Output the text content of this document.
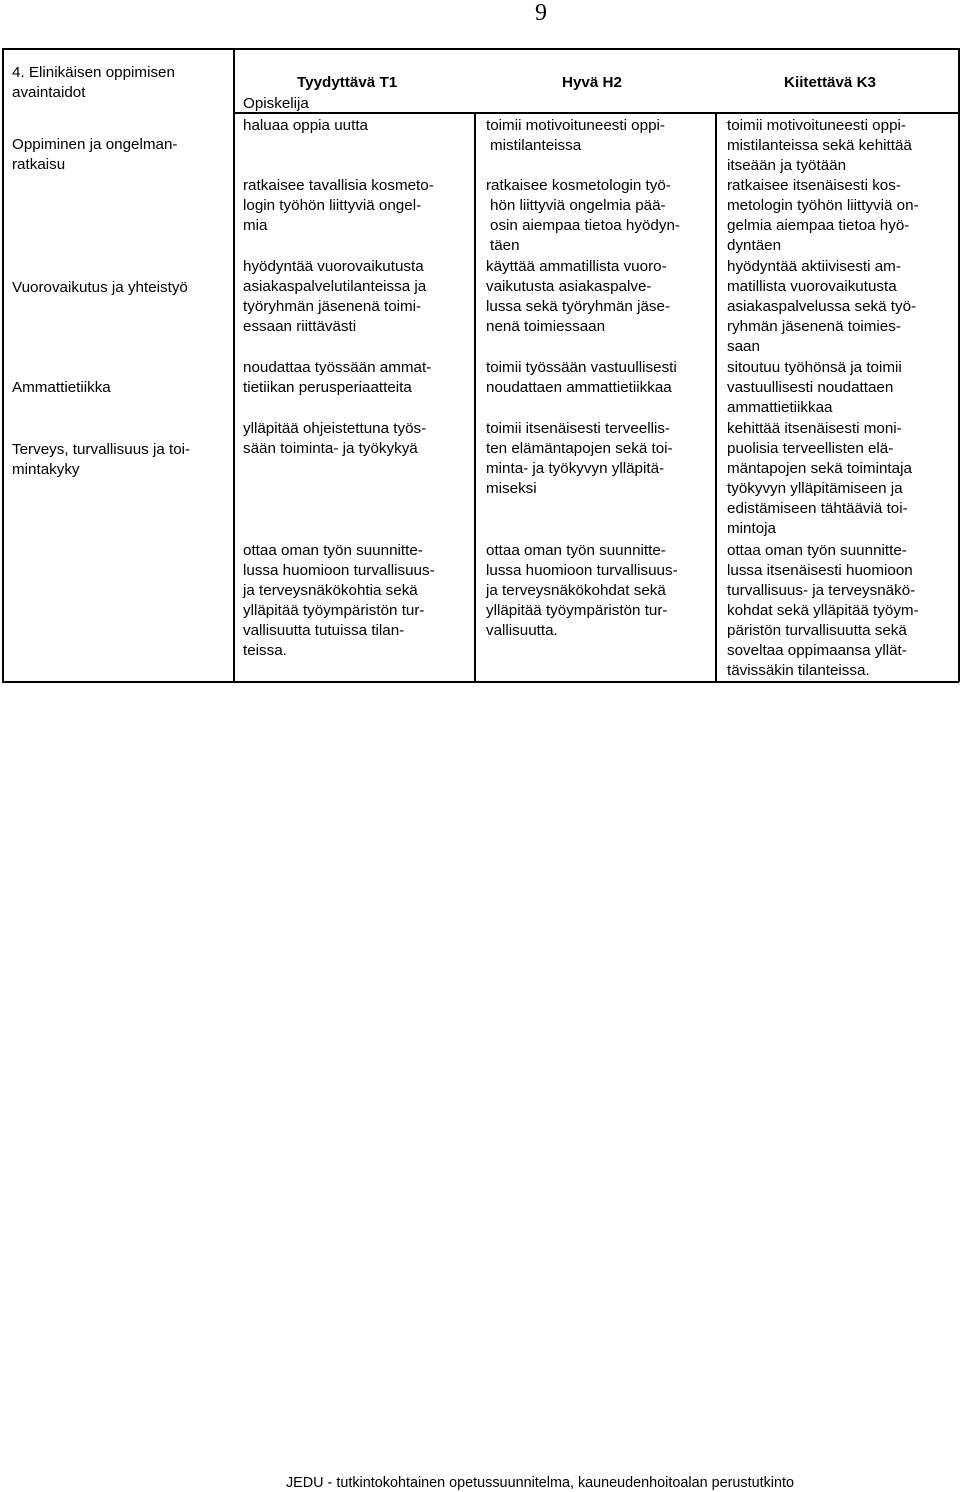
9
4. Elinikäisen oppimisen
avaintaidot
Oppiminen ja ongelman-
ratkaisu
Vuorovaikutus ja yhteistyö
Ammattietiikka
Terveys, turvallisuus ja toi-
mintakyky
Tyydyttävä T1	Hyvä H2	Kiitettävä K3
Opiskelija
haluaa oppia uutta
ratkaisee tavallisia kosmeto-
login työhön liittyviä ongel-
mia
hyödyntää vuorovaikutusta
asiakaspalvelutilanteissa ja
työryhmän jäsenenä toimi-
essaan riittävästi
noudattaa työssään ammat-
tietiikan perusperiaatteita
ylläpitää ohjeistettuna työs-
sään toiminta- ja työkykyä
ottaa oman työn suunnitte-
lussa huomioon turvallisuus-
ja terveysnäkökohtia sekä
ylläpitää työympäristön tur-
vallisuutta tutuissa tilan-
teissa.
toimii motivoituneesti oppi-
mistilanteissa
ratkaisee kosmetologin työ-
hön liittyviä ongelmia pää-
osin aiempaa tietoa hyödyn-
täen
käyttää ammatillista vuoro-
vaikutusta asiakaspalve-
lussa sekä työryhmän jäse-
nenä toimiessaan
toimii työssään vastuullisesti
noudattaen ammattietiikkaa
toimii itsenäisesti terveellis-
ten elämäntapojen sekä toi-
minta- ja työkyvyn ylläpitä-
miseksi
ottaa oman työn suunnitte-
lussa huomioon turvallisuus-
ja terveysnäkökohdat sekä
ylläpitää työympäristön tur-
vallisuutta.
toimii motivoituneesti oppi-
mistilanteissa sekä kehittää
itseään ja työtään
ratkaisee itsenäisesti kos-
metologin työhön liittyviä on-
gelmia aiempaa tietoa hyö-
dyntäen
hyödyntää aktiivisesti am-
matillista vuorovaikutusta
asiakaspalvelussa sekä työ-
ryhmän jäsenenä toimies-
saan
sitoutuu työhönsä ja toimii
vastuullisesti noudattaen
ammattietiikkaa
kehittää itsenäisesti moni-
puolisia terveellisten elä-
mäntapojen sekä toimintaja
työkyvyn ylläpitämiseen ja
edistämiseen tähtääviä toi-
mintoja
ottaa oman työn suunnitte-
lussa itsenäisesti huomioon
turvallisuus- ja terveysnäkö-
kohdat sekä ylläpitää työym-
päristön turvallisuutta sekä
soveltaa oppimaansa yllät-
tävissäkin tilanteissa.
JEDU - tutkintokohtainen opetussuunnitelma, kauneudenhoitoalan perustutkinto
